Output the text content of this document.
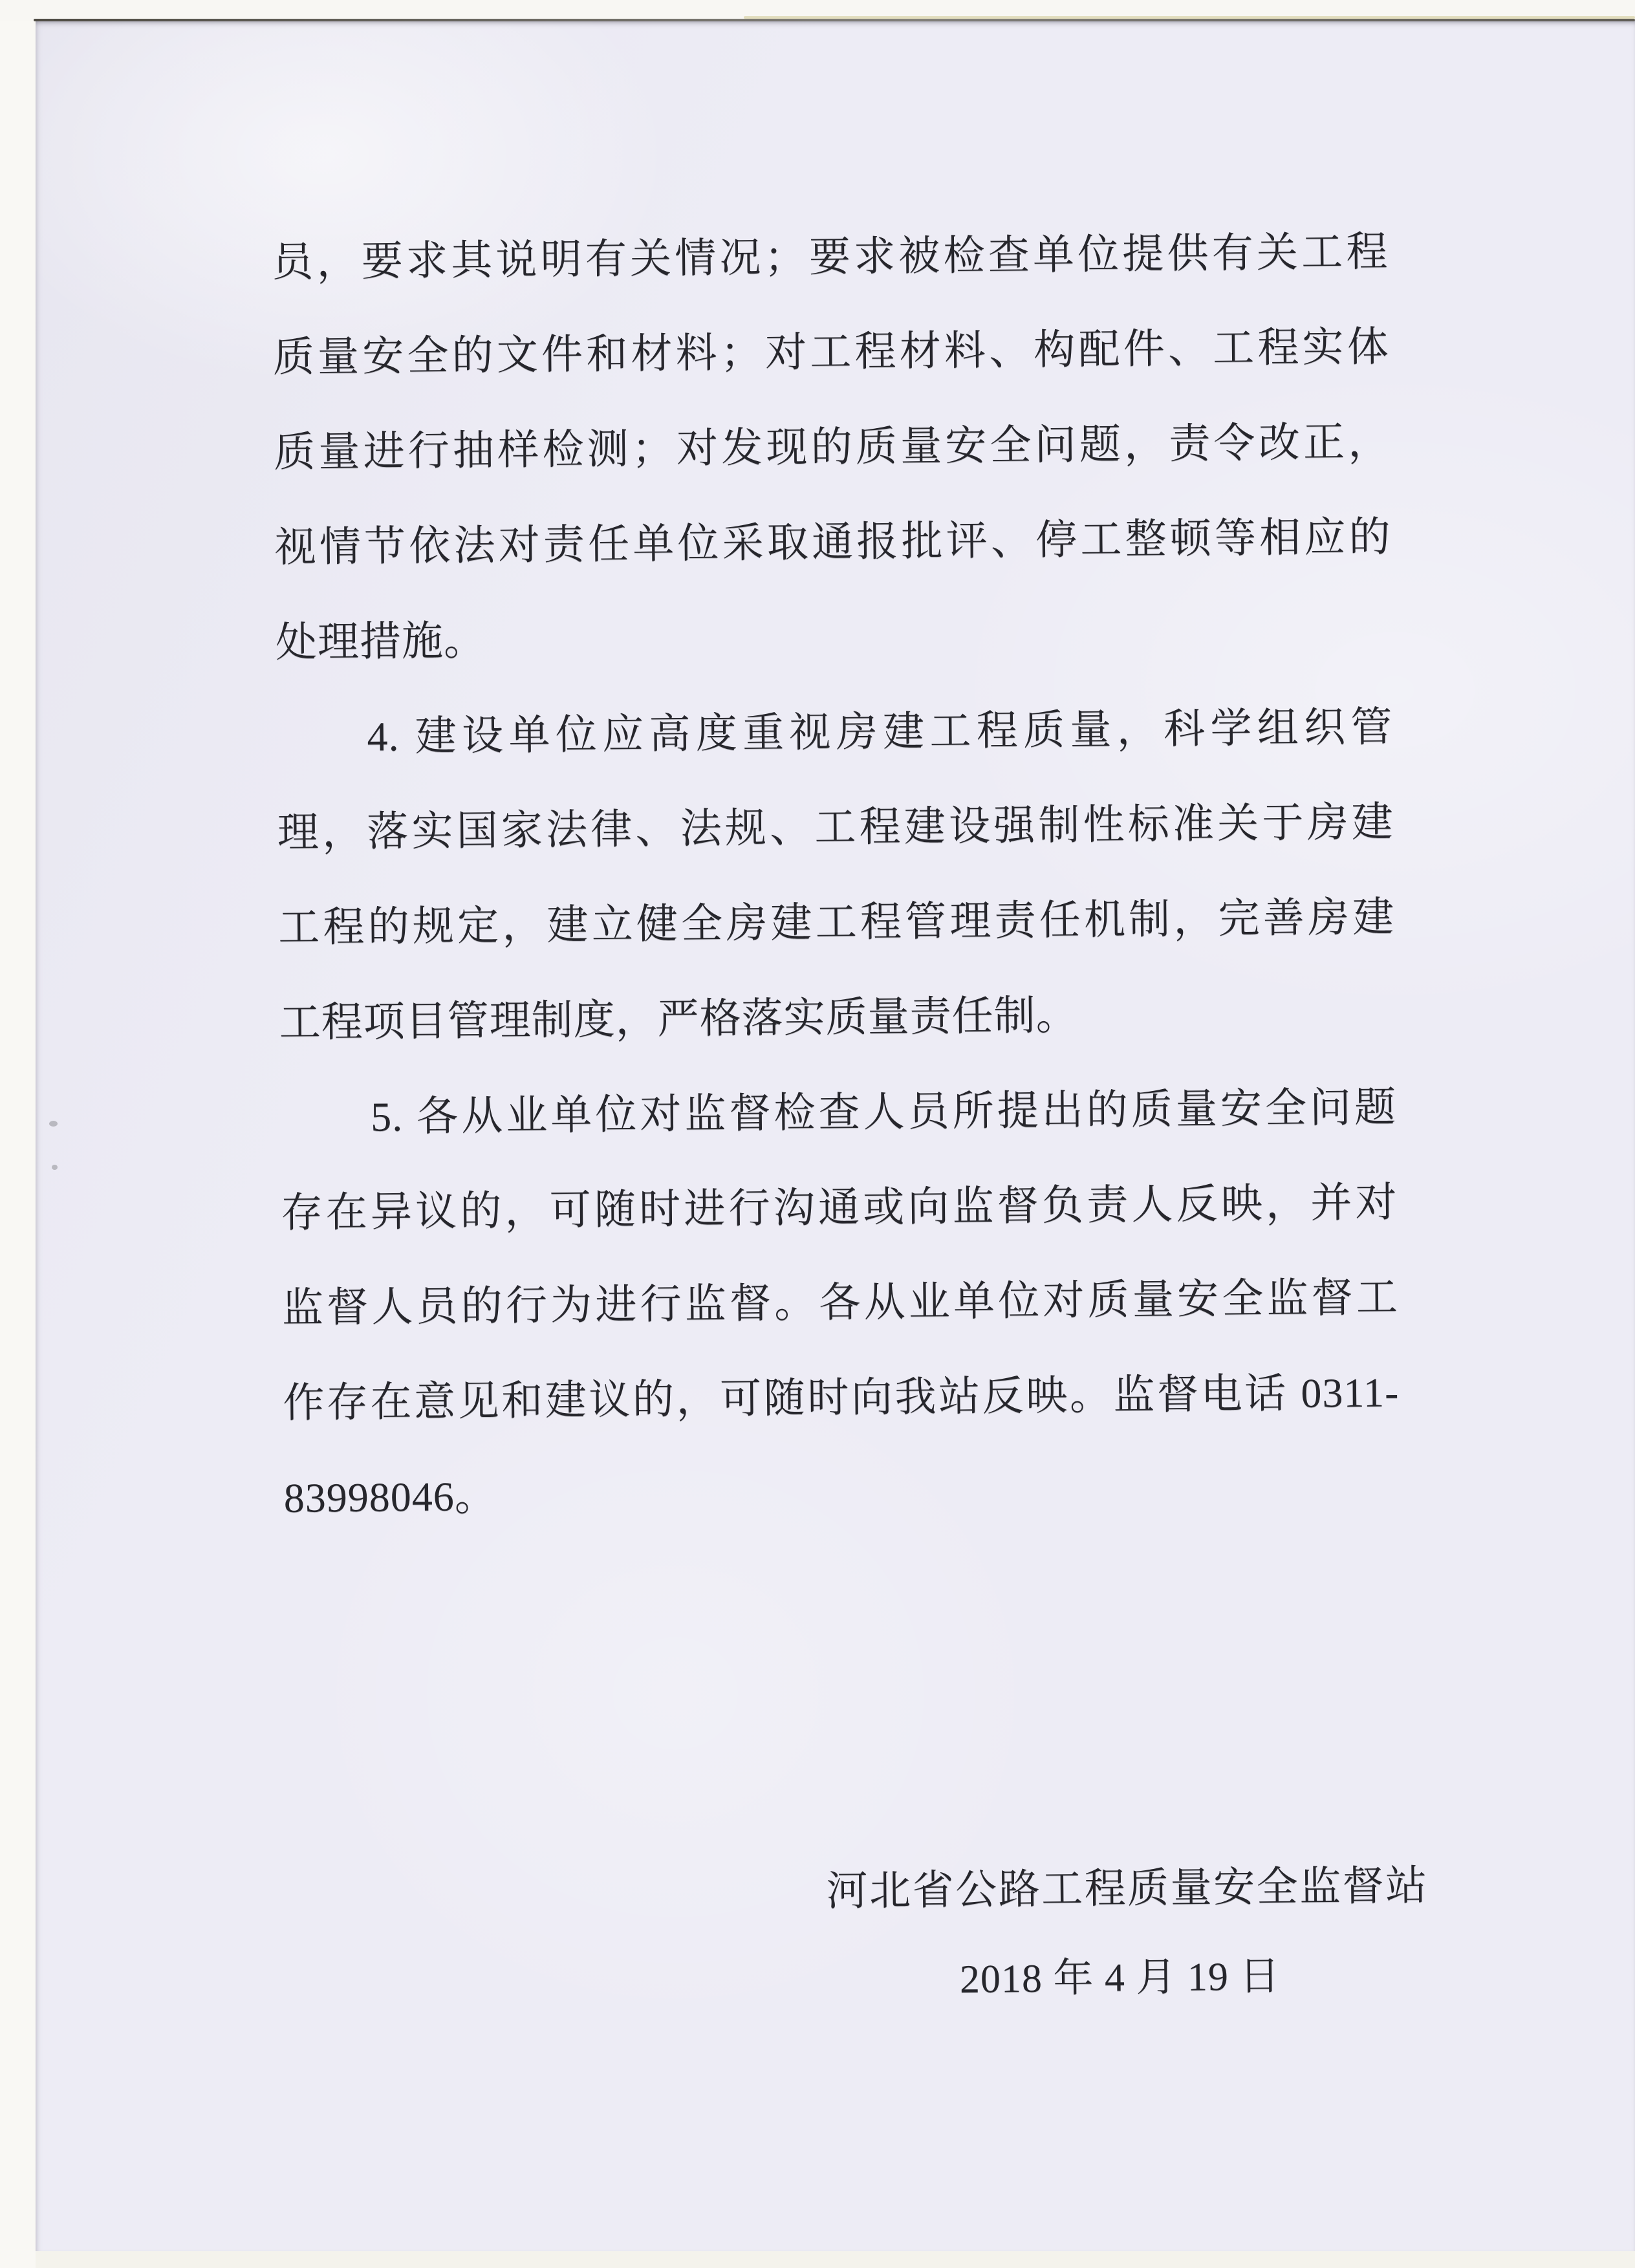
员，要求其说明有关情况；要求被检查单位提供有关工程
质量安全的文件和材料；对工程材料、构配件、工程实体
质量进行抽样检测；对发现的质量安全问题，责令改正，
视情节依法对责任单位采取通报批评、停工整顿等相应的
处理措施。
4. 建设单位应高度重视房建工程质量，科学组织管
理，落实国家法律、法规、工程建设强制性标准关于房建
工程的规定，建立健全房建工程管理责任机制，完善房建
工程项目管理制度，严格落实质量责任制。
5. 各从业单位对监督检查人员所提出的质量安全问题
存在异议的，可随时进行沟通或向监督负责人反映，并对
监督人员的行为进行监督。各从业单位对质量安全监督工
作存在意见和建议的，可随时向我站反映。监督电话 0311-
83998046。
河北省公路工程质量安全监督站
2018 年 4 月 19 日
